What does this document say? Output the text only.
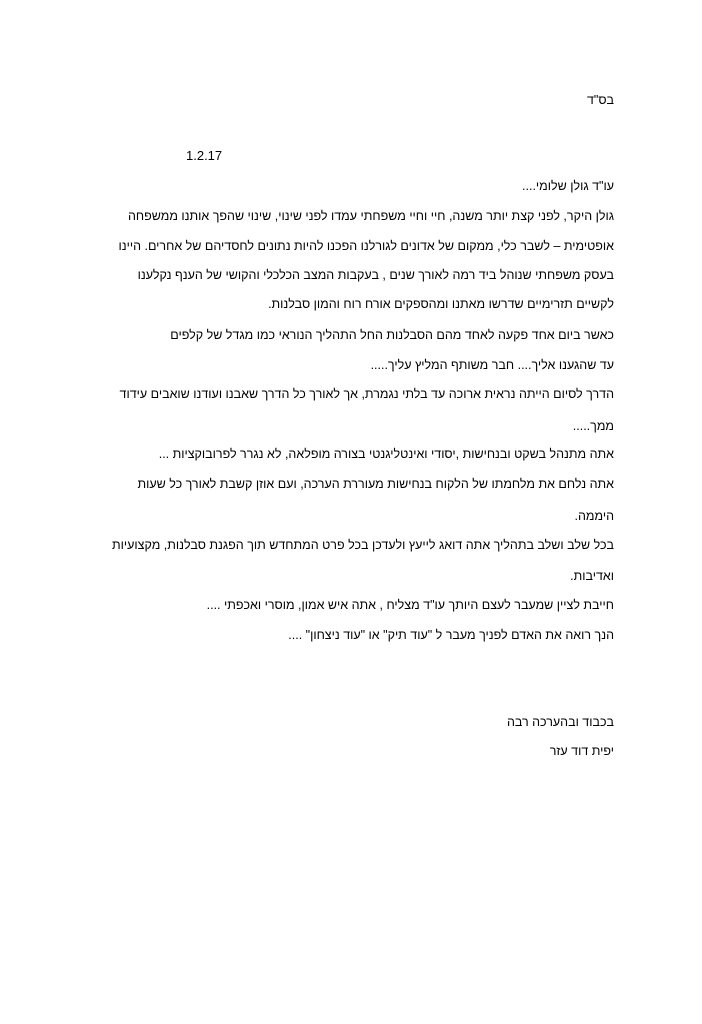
בס"ד
1.2.17
עו"ד גולן שלומי....
גולן היקר, לפני קצת יותר משנה, חיי וחיי משפחתי עמדו לפני שינוי, שינוי שהפך אותנו ממשפחה
אופטימית – לשבר כלי, ממקום של אדונים לגורלנו הפכנו להיות נתונים לחסדיהם של אחרים. היינו
בעסק משפחתי שנוהל ביד רמה לאורך שנים , בעקבות המצב הכלכלי והקושי של הענף נקלענו
לקשיים תזרימיים שדרשו מאתנו ומהספקים אורח רוח והמון סבלנות.
כאשר ביום אחד פקעה לאחד מהם הסבלנות החל התהליך הנוראי כמו מגדל של קלפים
עד שהגענו אליך.... חבר משותף המליץ עליך.....
הדרך לסיום הייתה נראית ארוכה עד בלתי נגמרת, אך לאורך כל הדרך שאבנו ועודנו שואבים עידוד
ממך.....
אתה מתנהל בשקט ובנחישות ,יסודי ואינטליגנטי בצורה מופלאה, לא נגרר לפרובוקציות ...
אתה נלחם את מלחמתו של הלקוח בנחישות מעוררת הערכה, ועם אוזן קשבת לאורך כל שעות
היממה.
בכל שלב ושלב בתהליך אתה דואג לייעץ ולעדכן בכל פרט המתחדש תוך הפגנת סבלנות, מקצועיות
ואדיבות.
חייבת לציין שמעבר לעצם היותך עו"ד מצליח , אתה איש אמון, מוסרי ואכפתי ....
הנך רואה את האדם לפניך מעבר ל "עוד תיק" או "עוד ניצחון" ....
בכבוד ובהערכה רבה
יפית דוד עזר
